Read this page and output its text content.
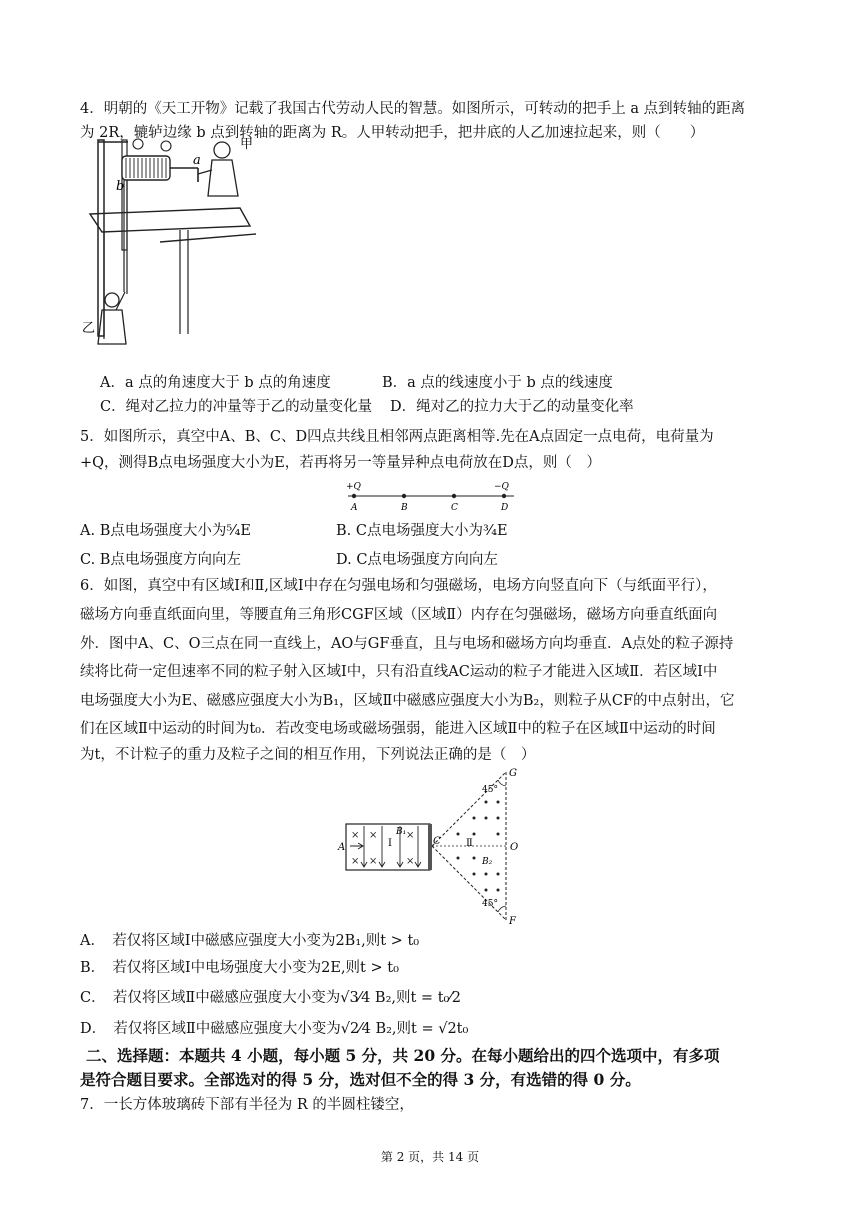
4．明朝的《天工开物》记载了我国古代劳动人民的智慧。如图所示，可转动的把手上 a 点到转轴的距离
为 2R，辘轳边缘 b 点到转轴的距离为 R。人甲转动把手，把井底的人乙加速拉起来，则（　　）
a
b
甲
乙
A．a 点的角速度大于 b 点的角速度	B．a 点的线速度小于 b 点的线速度
C．绳对乙拉力的冲量等于乙的动量变化量 D．绳对乙的拉力大于乙的动量变化率
5．如图所示，真空中A、B、C、D四点共线且相邻两点距离相等.先在A点固定一点电荷，电荷量为
+Q，测得B点电场强度大小为E，若再将另一等量异种点电荷放在D点，则（　）
+Q	−Q
A	B	C	D
A. B点电场强度大小为⁵⁄₄E	B. C点电场强度大小为³⁄₄E
C. B点电场强度方向向左	D. C点电场强度方向向左
6．如图，真空中有区域Ⅰ和Ⅱ,区域Ⅰ中存在匀强电场和匀强磁场，电场方向竖直向下（与纸面平行），
磁场方向垂直纸面向里，等腰直角三角形CGF区域（区域Ⅱ）内存在匀强磁场，磁场方向垂直纸面向
外．图中A、C、O三点在同一直线上，AO与GF垂直，且与电场和磁场方向均垂直．A点处的粒子源持
续将比荷一定但速率不同的粒子射入区域Ⅰ中，只有沿直线AC运动的粒子才能进入区域Ⅱ．若区域Ⅰ中
电场强度大小为E、磁感应强度大小为B₁，区域Ⅱ中磁感应强度大小为B₂，则粒子从CF的中点射出，它
们在区域Ⅱ中运动的时间为t₀．若改变电场或磁场强弱，能进入区域Ⅱ中的粒子在区域Ⅱ中运动的时间
为t，不计粒子的重力及粒子之间的相互作用，下列说法正确的是（　）
× ×	×
× ×	×
A
C
O
G
F
Ⅰ	Ⅱ
B₁
B₂
45°
45°
A．　若仅将区域Ⅰ中磁感应强度大小变为2B₁,则t > t₀
B．　若仅将区域Ⅰ中电场强度大小变为2E,则t > t₀
C．　若仅将区域Ⅱ中磁感应强度大小变为√3⁄4 B₂,则t = t₀⁄2
D．　若仅将区域Ⅱ中磁感应强度大小变为√2⁄4 B₂,则t = √2t₀
二、选择题：本题共 4 小题，每小题 5 分，共 20 分。在每小题给出的四个选项中，有多项
是符合题目要求。全部选对的得 5 分，选对但不全的得 3 分，有选错的得 0 分。
7．一长方体玻璃砖下部有半径为 R 的半圆柱镂空，
第 2 页，共 14 页
